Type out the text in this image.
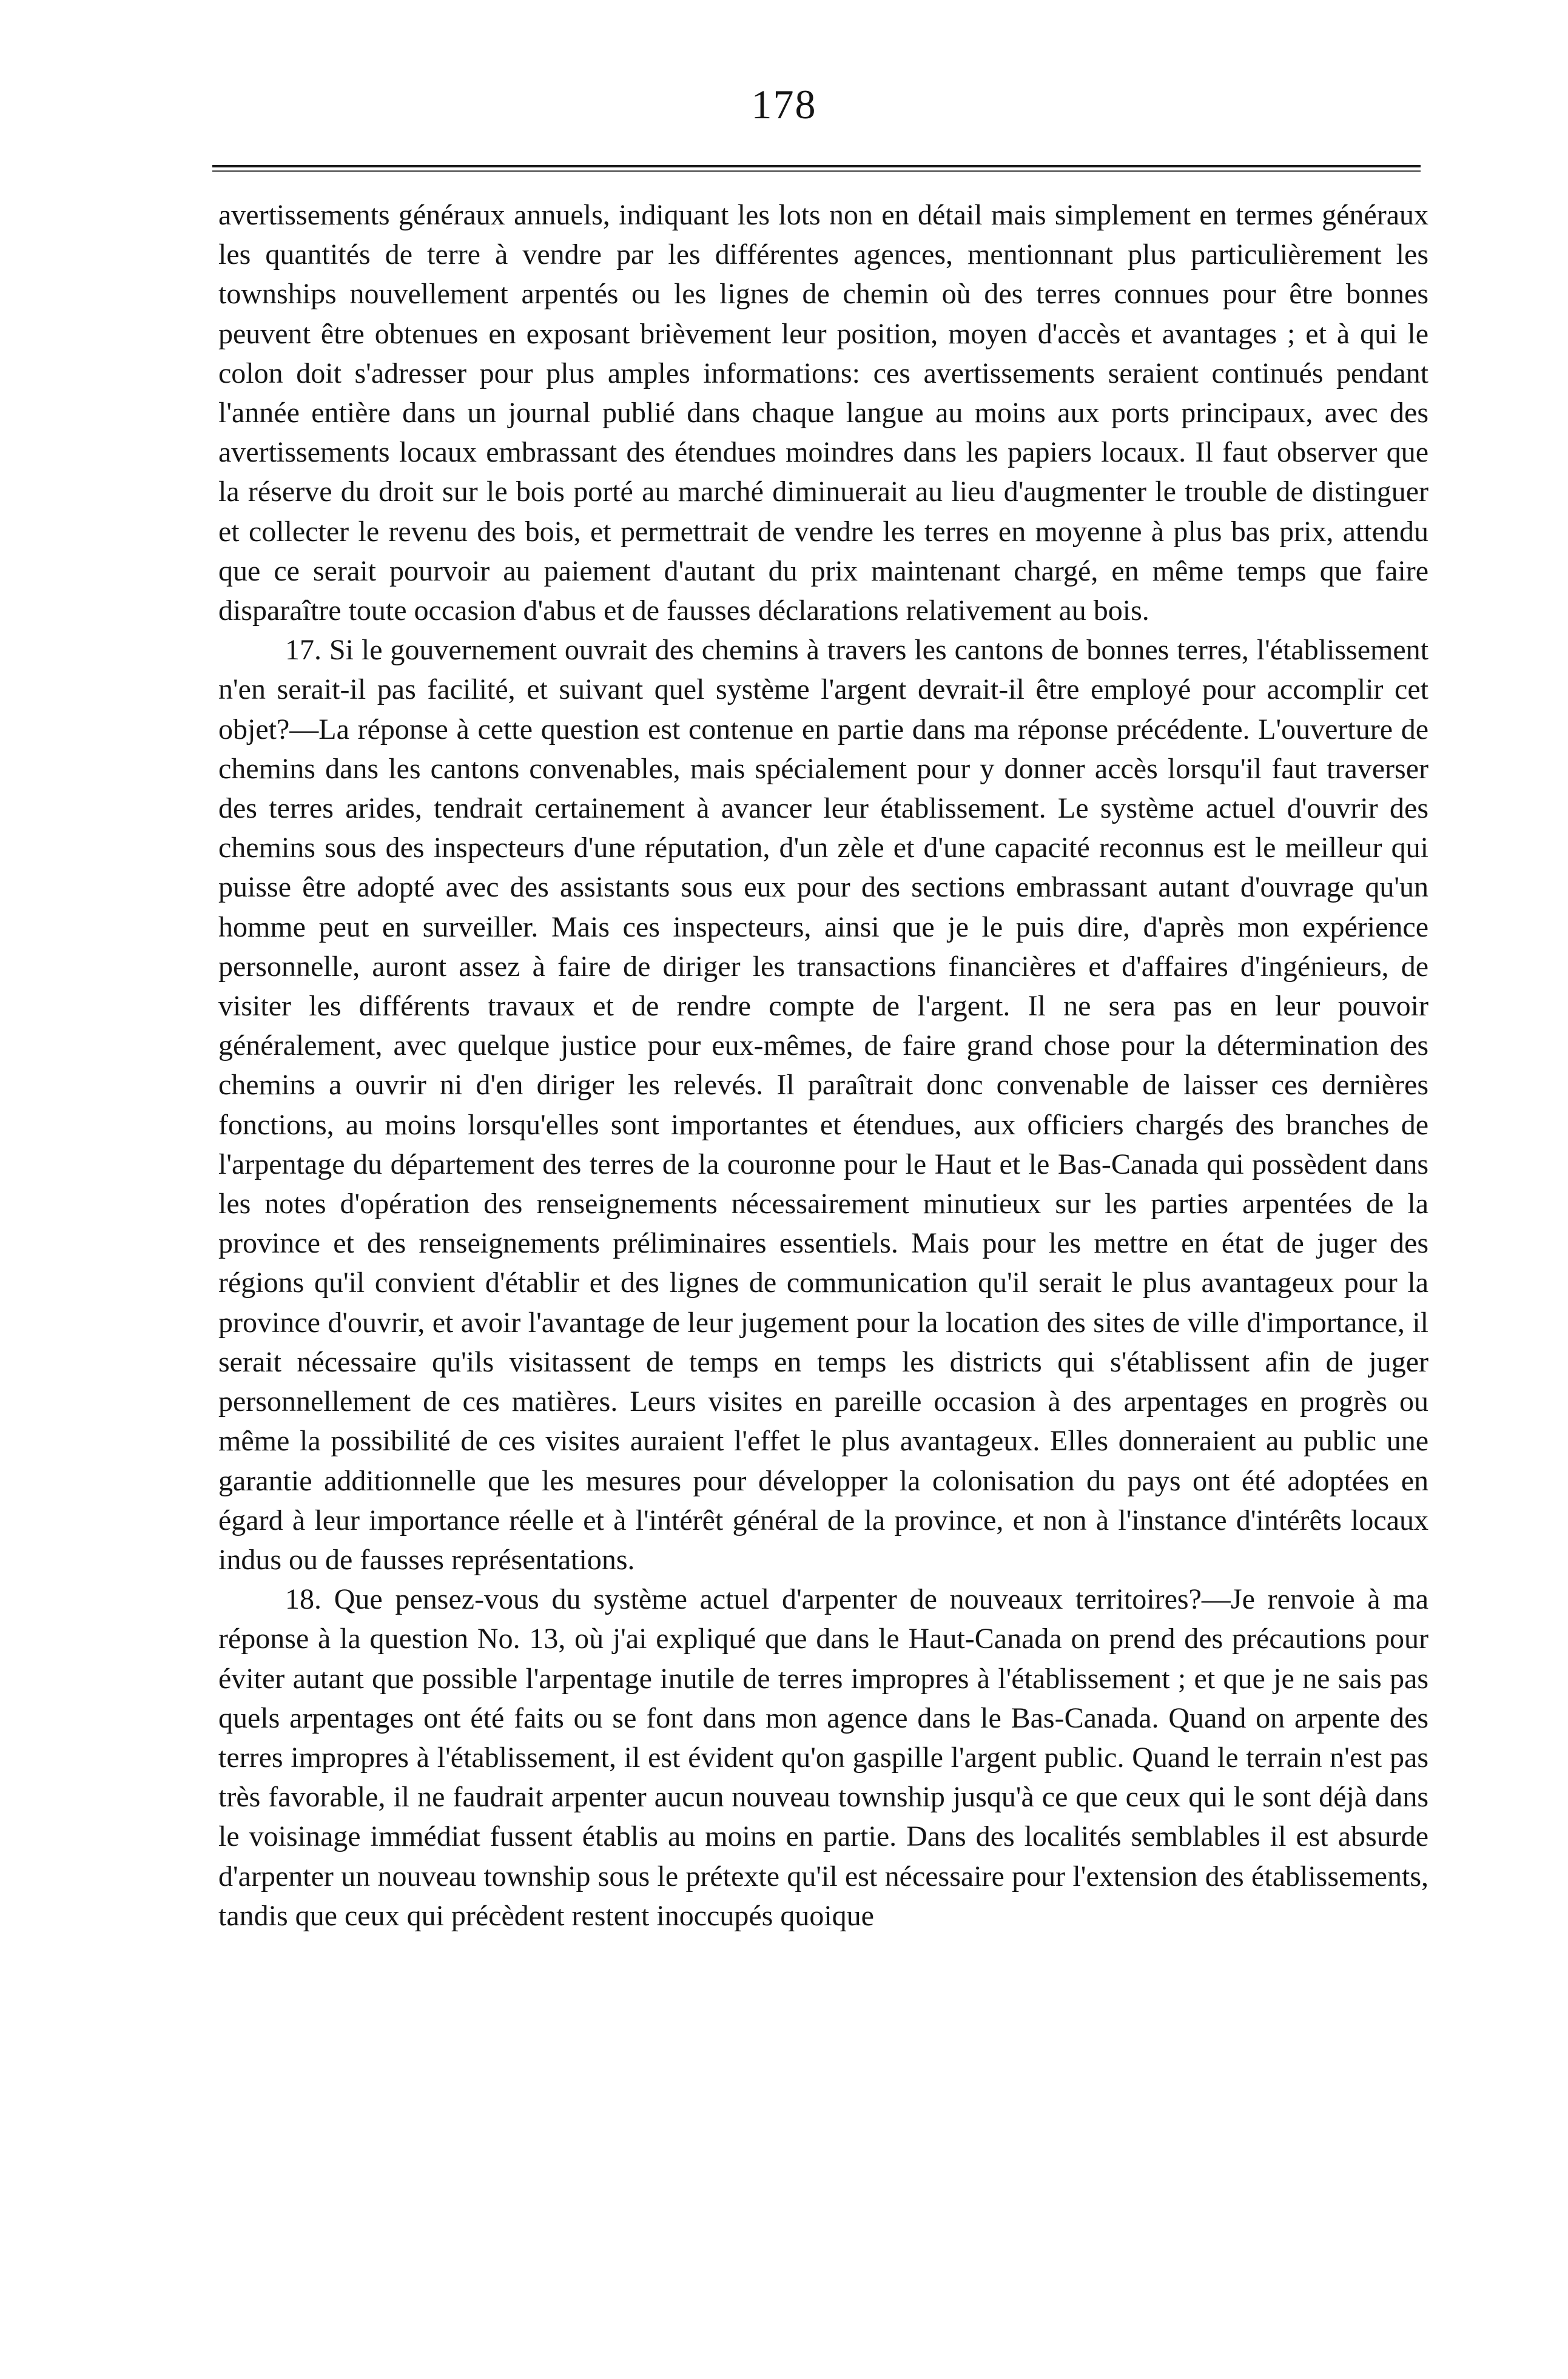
178

avertissements généraux annuels, indiquant les lots non en détail mais simplement en termes généraux les quantités de terre à vendre par les différentes agences, mentionnant plus particulièrement les townships nouvellement arpentés ou les lignes de chemin où des terres connues pour être bonnes peuvent être obtenues en exposant brièvement leur position, moyen d'accès et avantages ; et à qui le colon doit s'adresser pour plus amples informations: ces avertissements seraient continués pendant l'année entière dans un journal publié dans chaque langue au moins aux ports principaux, avec des avertissements locaux embrassant des étendues moindres dans les papiers locaux. Il faut observer que la réserve du droit sur le bois porté au marché diminuerait au lieu d'augmenter le trouble de distinguer et collecter le revenu des bois, et permettrait de vendre les terres en moyenne à plus bas prix, attendu que ce serait pourvoir au paiement d'autant du prix maintenant chargé, en même temps que faire disparaître toute occasion d'abus et de fausses déclarations relativement au bois.

17. Si le gouvernement ouvrait des chemins à travers les cantons de bonnes terres, l'établissement n'en serait-il pas facilité, et suivant quel système l'argent devrait-il être employé pour accomplir cet objet?—La réponse à cette question est contenue en partie dans ma réponse précédente. L'ouverture de chemins dans les cantons convenables, mais spécialement pour y donner accès lorsqu'il faut traverser des terres arides, tendrait certainement à avancer leur établissement. Le système actuel d'ouvrir des chemins sous des inspecteurs d'une réputation, d'un zèle et d'une capacité reconnus est le meilleur qui puisse être adopté avec des assistants sous eux pour des sections embrassant autant d'ouvrage qu'un homme peut en surveiller. Mais ces inspecteurs, ainsi que je le puis dire, d'après mon expérience personnelle, auront assez à faire de diriger les transactions financières et d'affaires d'ingénieurs, de visiter les différents travaux et de rendre compte de l'argent. Il ne sera pas en leur pouvoir généralement, avec quelque justice pour eux-mêmes, de faire grand chose pour la détermination des chemins a ouvrir ni d'en diriger les relevés. Il paraîtrait donc convenable de laisser ces dernières fonctions, au moins lorsqu'elles sont importantes et étendues, aux officiers chargés des branches de l'arpentage du département des terres de la couronne pour le Haut et le Bas-Canada qui possèdent dans les notes d'opération des renseignements nécessairement minutieux sur les parties arpentées de la province et des renseignements préliminaires essentiels. Mais pour les mettre en état de juger des régions qu'il convient d'établir et des lignes de communication qu'il serait le plus avantageux pour la province d'ouvrir, et avoir l'avantage de leur jugement pour la location des sites de ville d'importance, il serait nécessaire qu'ils visitassent de temps en temps les districts qui s'établissent afin de juger personnellement de ces matières. Leurs visites en pareille occasion à des arpentages en progrès ou même la possibilité de ces visites auraient l'effet le plus avantageux. Elles donneraient au public une garantie additionnelle que les mesures pour développer la colonisation du pays ont été adoptées en égard à leur importance réelle et à l'intérêt général de la province, et non à l'instance d'intérêts locaux indus ou de fausses représentations.

18. Que pensez-vous du système actuel d'arpenter de nouveaux territoires?—Je renvoie à ma réponse à la question No. 13, où j'ai expliqué que dans le Haut-Canada on prend des précautions pour éviter autant que possible l'arpentage inutile de terres impropres à l'établissement ; et que je ne sais pas quels arpentages ont été faits ou se font dans mon agence dans le Bas-Canada. Quand on arpente des terres impropres à l'établissement, il est évident qu'on gaspille l'argent public. Quand le terrain n'est pas très favorable, il ne faudrait arpenter aucun nouveau township jusqu'à ce que ceux qui le sont déjà dans le voisinage immédiat fussent établis au moins en partie. Dans des localités semblables il est absurde d'arpenter un nouveau township sous le prétexte qu'il est nécessaire pour l'extension des établissements, tandis que ceux qui précèdent restent inoccupés quoique
